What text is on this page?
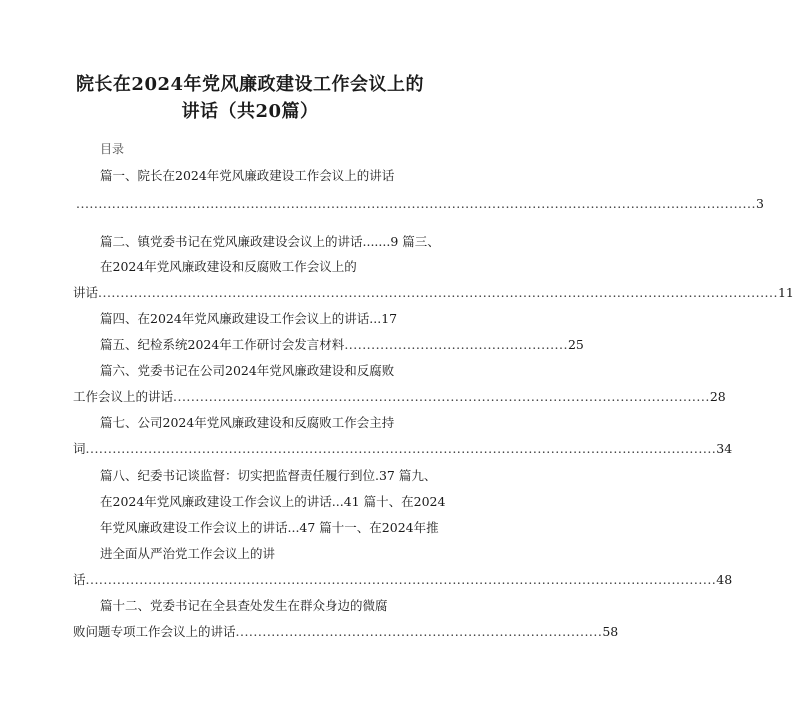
院长在2024年党风廉政建设工作会议上的
讲话（共20篇）
目录
篇一、院长在2024年党风廉政建设工作会议上的讲话
........................................................................................................................................................ 3
篇二、镇党委书记在党风廉政建设会议上的讲话.......9 篇三、
在2024年党风廉政建设和反腐败工作会议上的
讲话 ........................................................................................................................................................ 11
篇四、在2024年党风廉政建设工作会议上的讲话...17
篇五、纪检系统2024年工作研讨会发言材料 .................................................. 25
篇六、党委书记在公司2024年党风廉政建设和反腐败
工作会议上的讲话 ........................................................................................................................ 28
篇七、公司2024年党风廉政建设和反腐败工作会主持
词 ............................................................................................................................................. 34
篇八、纪委书记谈监督：切实把监督责任履行到位.37 篇九、
在2024年党风廉政建设工作会议上的讲话...41 篇十、在2024
年党风廉政建设工作会议上的讲话...47 篇十一、在2024年推
进全面从严治党工作会议上的讲
话 ............................................................................................................................................. 48
篇十二、党委书记在全县查处发生在群众身边的微腐
败问题专项工作会议上的讲话 .................................................................................. 58
